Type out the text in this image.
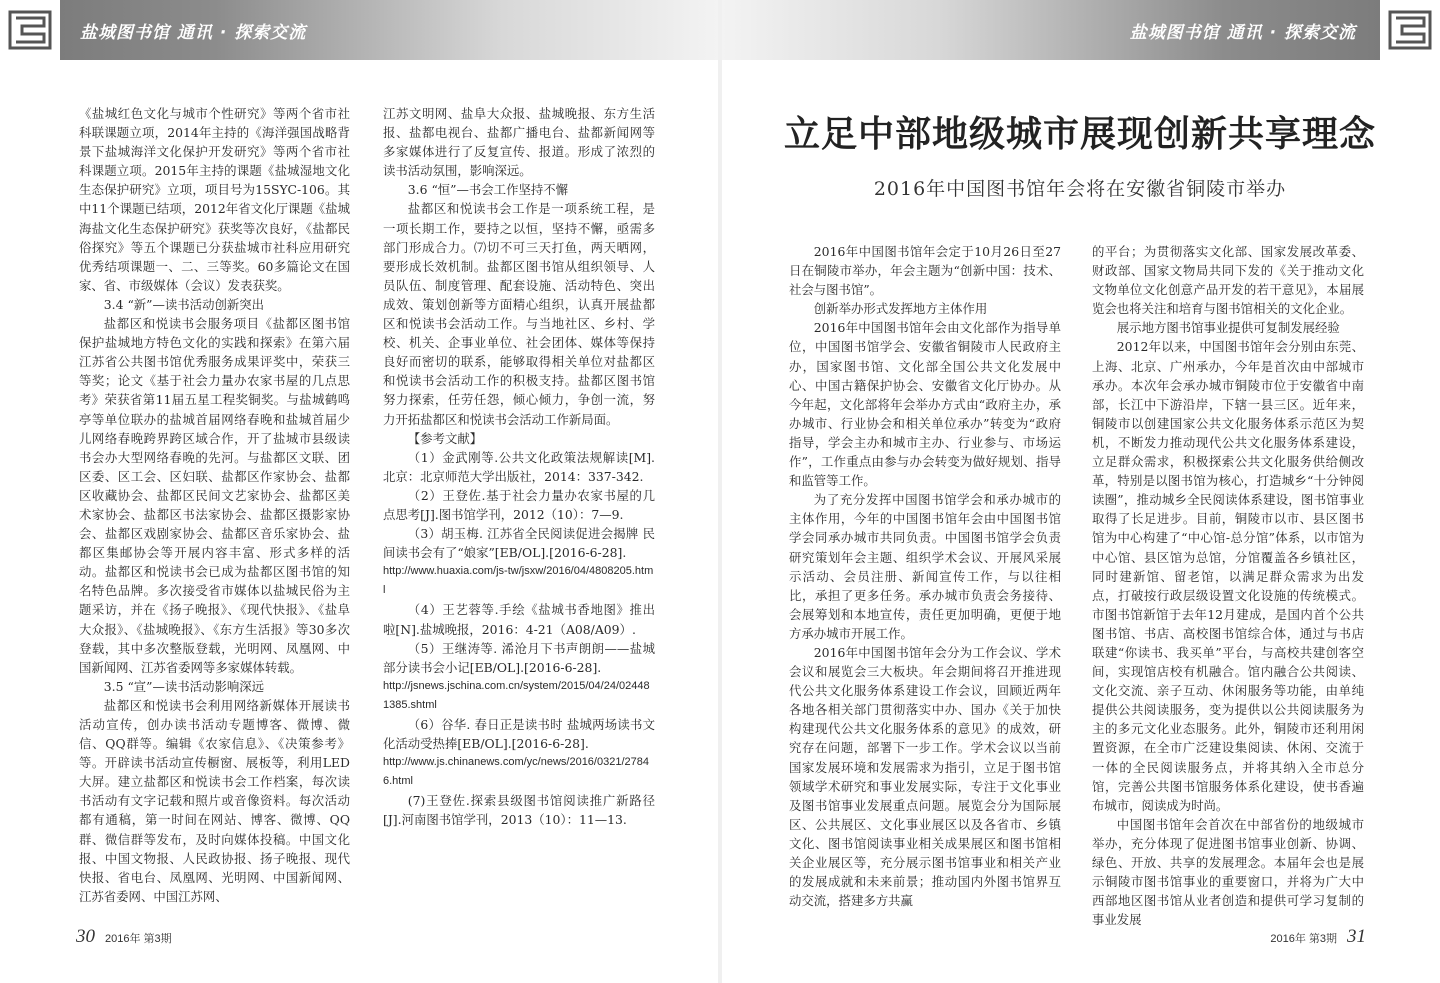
盐城图书馆 通讯 · 探索交流	盐城图书馆 通讯 · 探索交流

《盐城红色文化与城市个性研究》等两个省市社科联课题立项，2014年主持的《海洋强国战略背景下盐城海洋文化保护开发研究》等两个省市社科课题立项。2015年主持的课题《盐城湿地文化生态保护研究》立项，项目号为15SYC-106。其中11个课题已结项，2012年省文化厅课题《盐城海盐文化生态保护研究》获奖等次良好，《盐都民俗探究》等五个课题已分获盐城市社科应用研究优秀结项课题一、二、三等奖。60多篇论文在国家、省、市级媒体（会议）发表获奖。

3.4 “新”—读书活动创新突出

盐都区和悦读书会服务项目《盐都区图书馆保护盐城地方特色文化的实践和探索》在第六届江苏省公共图书馆优秀服务成果评奖中，荣获三等奖；论文《基于社会力量办农家书屋的几点思考》荣获省第11届五星工程奖铜奖。与盐城鹤鸣亭等单位联办的盐城首届网络春晚和盐城首届少儿网络春晚跨界跨区域合作，开了盐城市县级读书会办大型网络春晚的先河。与盐都区文联、团区委、区工会、区妇联、盐都区作家协会、盐都区收藏协会、盐都区民间文艺家协会、盐都区美术家协会、盐都区书法家协会、盐都区摄影家协会、盐都区戏剧家协会、盐都区音乐家协会、盐都区集邮协会等开展内容丰富、形式多样的活动。盐都区和悦读书会已成为盐都区图书馆的知名特色品牌。多次接受省市媒体以盐城民俗为主题采访，并在《扬子晚报》、《现代快报》、《盐阜大众报》、《盐城晚报》、《东方生活报》等30多次登载，其中多次整版登载，光明网、凤凰网、中国新闻网、江苏省委网等多家媒体转载。

3.5 “宣”—读书活动影响深远

盐都区和悦读书会利用网络新媒体开展读书活动宣传，创办读书活动专题博客、微博、微信、QQ群等。编辑《农家信息》、《决策参考》等。开辟读书活动宣传橱窗、展板等，利用LED大屏。建立盐都区和悦读书会工作档案，每次读书活动有文字记载和照片或音像资料。每次活动都有通稿，第一时间在网站、博客、微博、QQ群、微信群等发布，及时向媒体投稿。中国文化报、中国文物报、人民政协报、扬子晚报、现代快报、省电台、凤凰网、光明网、中国新闻网、江苏省委网、中国江苏网、

江苏文明网、盐阜大众报、盐城晚报、东方生活报、盐都电视台、盐都广播电台、盐都新闻网等多家媒体进行了反复宣传、报道。形成了浓烈的读书活动氛围，影响深远。

3.6 “恒”—书会工作坚持不懈

盐都区和悦读书会工作是一项系统工程，是一项长期工作，要持之以恒，坚持不懈，亟需多部门形成合力。⑺切不可三天打鱼，两天晒网，要形成长效机制。盐都区图书馆从组织领导、人员队伍、制度管理、配套设施、活动特色、突出成效、策划创新等方面精心组织，认真开展盐都区和悦读书会活动工作。与当地社区、乡村、学校、机关、企事业单位、社会团体、媒体等保持良好而密切的联系，能够取得相关单位对盐都区和悦读书会活动工作的积极支持。盐都区图书馆努力探索，任劳任怨，倾心倾力，争创一流，努力开拓盐都区和悦读书会活动工作新局面。

【参考文献】

（1）金武刚等.公共文化政策法规解读[M].北京：北京师范大学出版社，2014：337-342.

（2）王登佐.基于社会力量办农家书屋的几点思考[J].图书馆学刊，2012（10）：7—9.

（3）胡玉梅. 江苏省全民阅读促进会揭牌 民间读书会有了“娘家”[EB/OL].[2016-6-28].

http://www.huaxia.com/js-tw/jsxw/2016/04/4808205.html

（4）王艺蓉等.手绘《盐城书香地图》推出啦[N].盐城晚报，2016：4-21（A08/A09）.

（5）王继涛等. 浠沧月下书声朗朗——盐城部分读书会小记[EB/OL].[2016-6-28].

http://jsnews.jschina.com.cn/system/2015/04/24/024481385.shtml

（6）谷华. 春日正是读书时 盐城两场读书文化活动受热捧[EB/OL].[2016-6-28].

http://www.js.chinanews.com/yc/news/2016/0321/27846.html

(7)王登佐.探索县级图书馆阅读推广新路径[J].河南图书馆学刊，2013（10）：11—13.

立足中部地级城市展现创新共享理念
2016年中国图书馆年会将在安徽省铜陵市举办

2016年中国图书馆年会定于10月26日至27日在铜陵市举办，年会主题为“创新中国：技术、社会与图书馆”。

创新举办形式发挥地方主体作用

2016年中国图书馆年会由文化部作为指导单位，中国图书馆学会、安徽省铜陵市人民政府主办，国家图书馆、文化部全国公共文化发展中心、中国古籍保护协会、安徽省文化厅协办。从今年起，文化部将年会举办方式由“政府主办，承办城市、行业协会和相关单位承办”转变为“政府指导，学会主办和城市主办、行业参与、市场运作”，工作重点由参与办会转变为做好规划、指导和监管等工作。

为了充分发挥中国图书馆学会和承办城市的主体作用，今年的中国图书馆年会由中国图书馆学会同承办城市共同负责。中国图书馆学会负责研究策划年会主题、组织学术会议、开展风采展示活动、会员注册、新闻宣传工作，与以往相比，承担了更多任务。承办城市负责会务接待、会展筹划和本地宣传，责任更加明确，更便于地方承办城市开展工作。

2016年中国图书馆年会分为工作会议、学术会议和展览会三大板块。年会期间将召开推进现代公共文化服务体系建设工作会议，回顾近两年各地各相关部门贯彻落实中办、国办《关于加快构建现代公共文化服务体系的意见》的成效，研究存在问题，部署下一步工作。学术会议以当前国家发展环境和发展需求为指引，立足于图书馆领域学术研究和事业发展实际，专注于文化事业及图书馆事业发展重点问题。展览会分为国际展区、公共展区、文化事业展区以及各省市、乡镇文化、图书馆阅读事业相关成果展区和图书馆相关企业展区等，充分展示图书馆事业和相关产业的发展成就和未来前景；推动国内外图书馆界互动交流，搭建多方共赢

的平台；为贯彻落实文化部、国家发展改革委、财政部、国家文物局共同下发的《关于推动文化文物单位文化创意产品开发的若干意见》，本届展览会也将关注和培育与图书馆相关的文化企业。

展示地方图书馆事业提供可复制发展经验

2012年以来，中国图书馆年会分别由东莞、上海、北京、广州承办，今年是首次由中部城市承办。本次年会承办城市铜陵市位于安徽省中南部，长江中下游沿岸，下辖一县三区。近年来，铜陵市以创建国家公共文化服务体系示范区为契机，不断发力推动现代公共文化服务体系建设，立足群众需求，积极探索公共文化服务供给侧改革，特别是以图书馆为核心，打造城乡“十分钟阅读圈”，推动城乡全民阅读体系建设，图书馆事业取得了长足进步。目前，铜陵市以市、县区图书馆为中心构建了“中心馆-总分馆”体系，以市馆为中心馆、县区馆为总馆，分馆覆盖各乡镇社区，同时建新馆、留老馆，以满足群众需求为出发点，打破按行政层级设置文化设施的传统模式。市图书馆新馆于去年12月建成，是国内首个公共图书馆、书店、高校图书馆综合体，通过与书店联建“你读书、我买单”平台，与高校共建创客空间，实现馆店校有机融合。馆内融合公共阅读、文化交流、亲子互动、休闲服务等功能，由单纯提供公共阅读服务，变为提供以公共阅读服务为主的多元文化业态服务。此外，铜陵市还利用闲置资源，在全市广泛建设集阅读、休闲、交流于一体的全民阅读服务点，并将其纳入全市总分馆，完善公共图书馆服务体系化建设，使书香遍布城市，阅读成为时尚。

中国图书馆年会首次在中部省份的地级城市举办，充分体现了促进图书馆事业创新、协调、绿色、开放、共享的发展理念。本届年会也是展示铜陵市图书馆事业的重要窗口，并将为广大中西部地区图书馆从业者创造和提供可学习复制的事业发展

30 2016年 第3期	2016年 第3期 31
